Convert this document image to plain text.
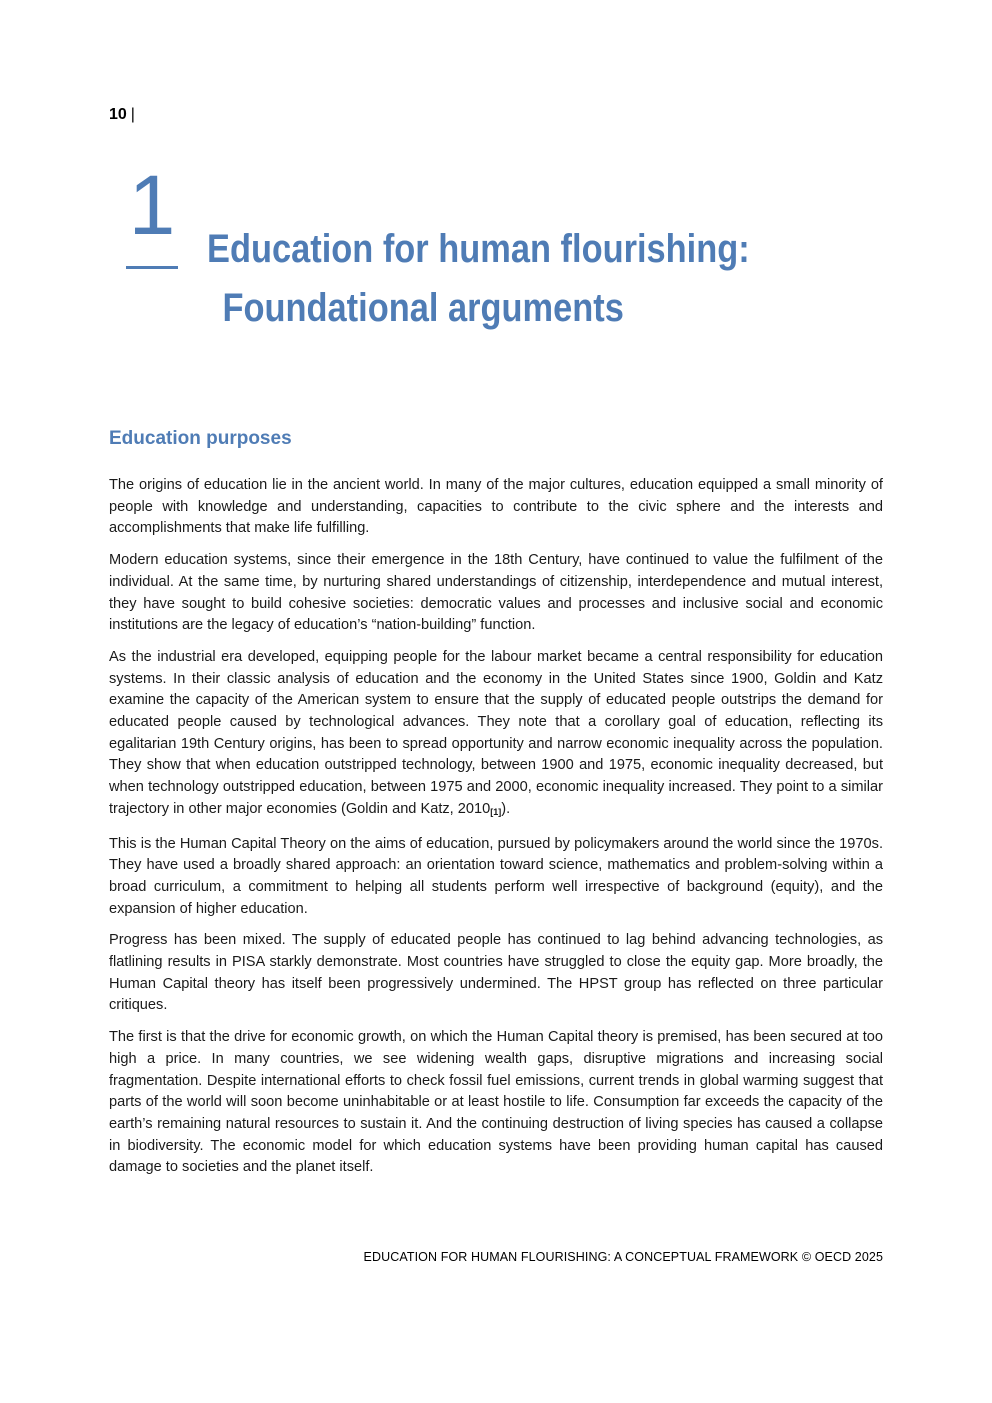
10 |
1 Education for human flourishing:
Foundational arguments
Education purposes

The origins of education lie in the ancient world. In many of the major cultures, education equipped a small minority of people with knowledge and understanding, capacities to contribute to the civic sphere and the interests and accomplishments that make life fulfilling.

Modern education systems, since their emergence in the 18th Century, have continued to value the fulfilment of the individual. At the same time, by nurturing shared understandings of citizenship, interdependence and mutual interest, they have sought to build cohesive societies: democratic values and processes and inclusive social and economic institutions are the legacy of education’s “nation-building” function.

As the industrial era developed, equipping people for the labour market became a central responsibility for education systems. In their classic analysis of education and the economy in the United States since 1900, Goldin and Katz examine the capacity of the American system to ensure that the supply of educated people outstrips the demand for educated people caused by technological advances. They note that a corollary goal of education, reflecting its egalitarian 19th Century origins, has been to spread opportunity and narrow economic inequality across the population. They show that when education outstripped technology, between 1900 and 1975, economic inequality decreased, but when technology outstripped education, between 1975 and 2000, economic inequality increased. They point to a similar trajectory in other major economies (Goldin and Katz, 2010[1]).

This is the Human Capital Theory on the aims of education, pursued by policymakers around the world since the 1970s. They have used a broadly shared approach: an orientation toward science, mathematics and problem-solving within a broad curriculum, a commitment to helping all students perform well irrespective of background (equity), and the expansion of higher education.

Progress has been mixed. The supply of educated people has continued to lag behind advancing technologies, as flatlining results in PISA starkly demonstrate. Most countries have struggled to close the equity gap. More broadly, the Human Capital theory has itself been progressively undermined. The HPST group has reflected on three particular critiques.

The first is that the drive for economic growth, on which the Human Capital theory is premised, has been secured at too high a price. In many countries, we see widening wealth gaps, disruptive migrations and increasing social fragmentation. Despite international efforts to check fossil fuel emissions, current trends in global warming suggest that parts of the world will soon become uninhabitable or at least hostile to life. Consumption far exceeds the capacity of the earth’s remaining natural resources to sustain it. And the continuing destruction of living species has caused a collapse in biodiversity. The economic model for which education systems have been providing human capital has caused damage to societies and the planet itself.

EDUCATION FOR HUMAN FLOURISHING: A CONCEPTUAL FRAMEWORK © OECD 2025
